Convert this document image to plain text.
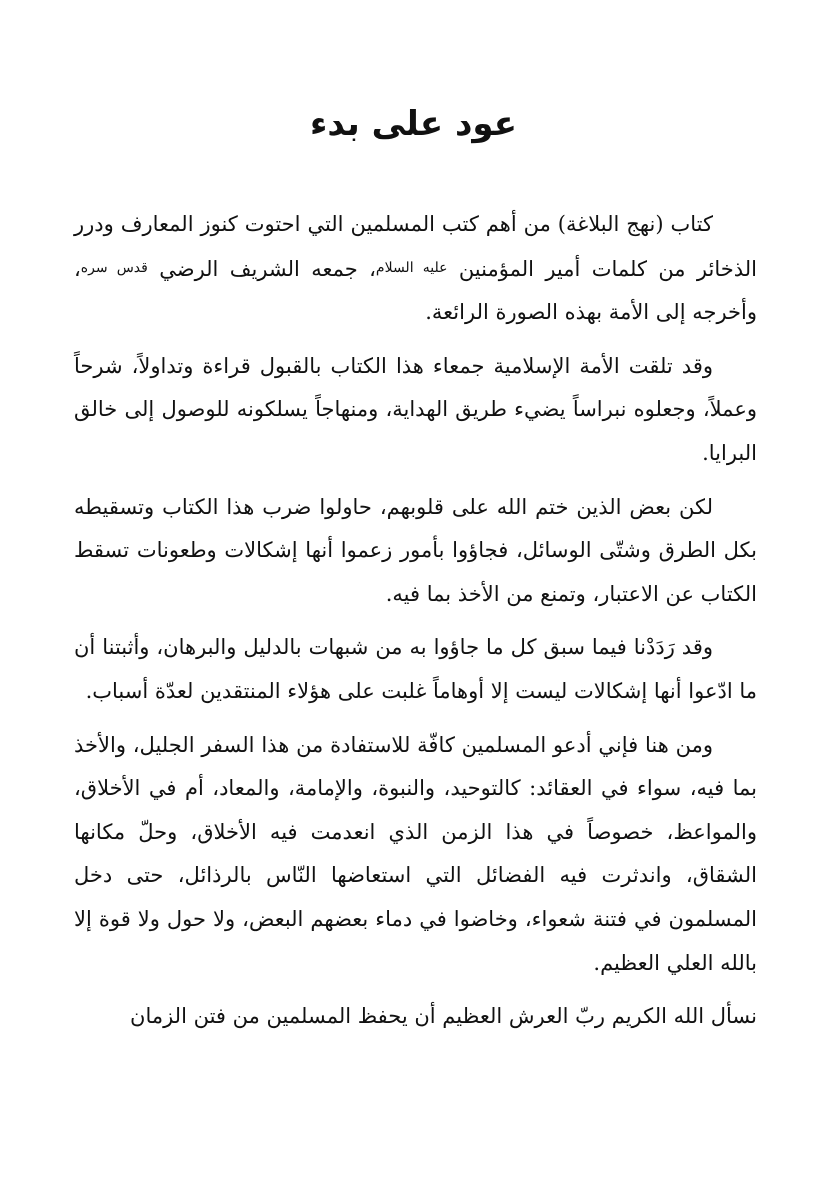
عود على بدء

كتاب (نهج البلاغة) من أهم كتب المسلمين التي احتوت كنوز المعارف ودرر الذخائر من كلمات أمير المؤمنين عليه السلام، جمعه الشريف الرضي قدس سره، وأخرجه إلى الأمة بهذه الصورة الرائعة.

وقد تلقت الأمة الإسلامية جمعاء هذا الكتاب بالقبول قراءة وتداولاً، شرحاً وعملاً، وجعلوه نبراساً يضيء طريق الهداية، ومنهاجاً يسلكونه للوصول إلى خالق البرايا.

لكن بعض الذين ختم الله على قلوبهم، حاولوا ضرب هذا الكتاب وتسقيطه بكل الطرق وشتّى الوسائل، فجاؤوا بأمور زعموا أنها إشكالات وطعونات تسقط الكتاب عن الاعتبار، وتمنع من الأخذ بما فيه.

وقد رَدَدْنا فيما سبق كل ما جاؤوا به من شبهات بالدليل والبرهان، وأثبتنا أن ما ادّعوا أنها إشكالات ليست إلا أوهاماً غلبت على هؤلاء المنتقدين لعدّة أسباب.

ومن هنا فإني أدعو المسلمين كافّة للاستفادة من هذا السفر الجليل، والأخذ بما فيه، سواء في العقائد: كالتوحيد، والنبوة، والإمامة، والمعاد، أم في الأخلاق، والمواعظ، خصوصاً في هذا الزمن الذي انعدمت فيه الأخلاق، وحلّ مكانها الشقاق، واندثرت فيه الفضائل التي استعاضها النّاس بالرذائل، حتى دخل المسلمون في فتنة شعواء، وخاضوا في دماء بعضهم البعض، ولا حول ولا قوة إلا بالله العلي العظيم.

نسأل الله الكريم ربّ العرش العظيم أن يحفظ المسلمين من فتن الزمان
